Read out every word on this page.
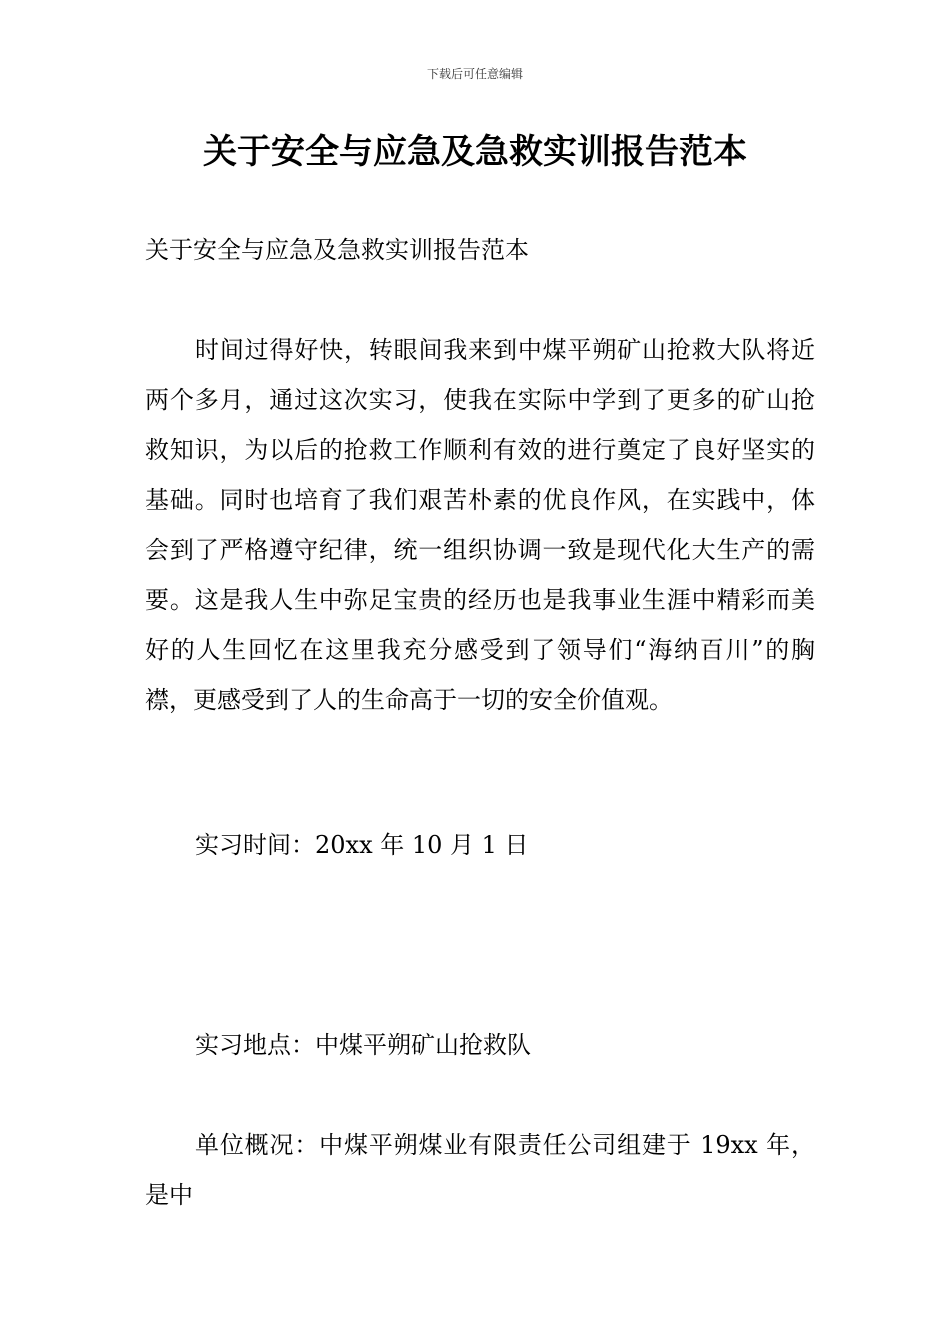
下载后可任意编辑
关于安全与应急及急救实训报告范本

关于安全与应急及急救实训报告范本

时间过得好快，转眼间我来到中煤平朔矿山抢救大队将近两个多月，通过这次实习，使我在实际中学到了更多的矿山抢救知识，为以后的抢救工作顺利有效的进行奠定了良好坚实的基础。同时也培育了我们艰苦朴素的优良作风，在实践中，体会到了严格遵守纪律，统一组织协调一致是现代化大生产的需要。这是我人生中弥足宝贵的经历也是我事业生涯中精彩而美好的人生回忆在这里我充分感受到了领导们“海纳百川”的胸襟，更感受到了人的生命高于一切的安全价值观。

实习时间：20xx 年 10 月 1 日

实习地点：中煤平朔矿山抢救队

单位概况：中煤平朔煤业有限责任公司组建于 19xx 年，是中
